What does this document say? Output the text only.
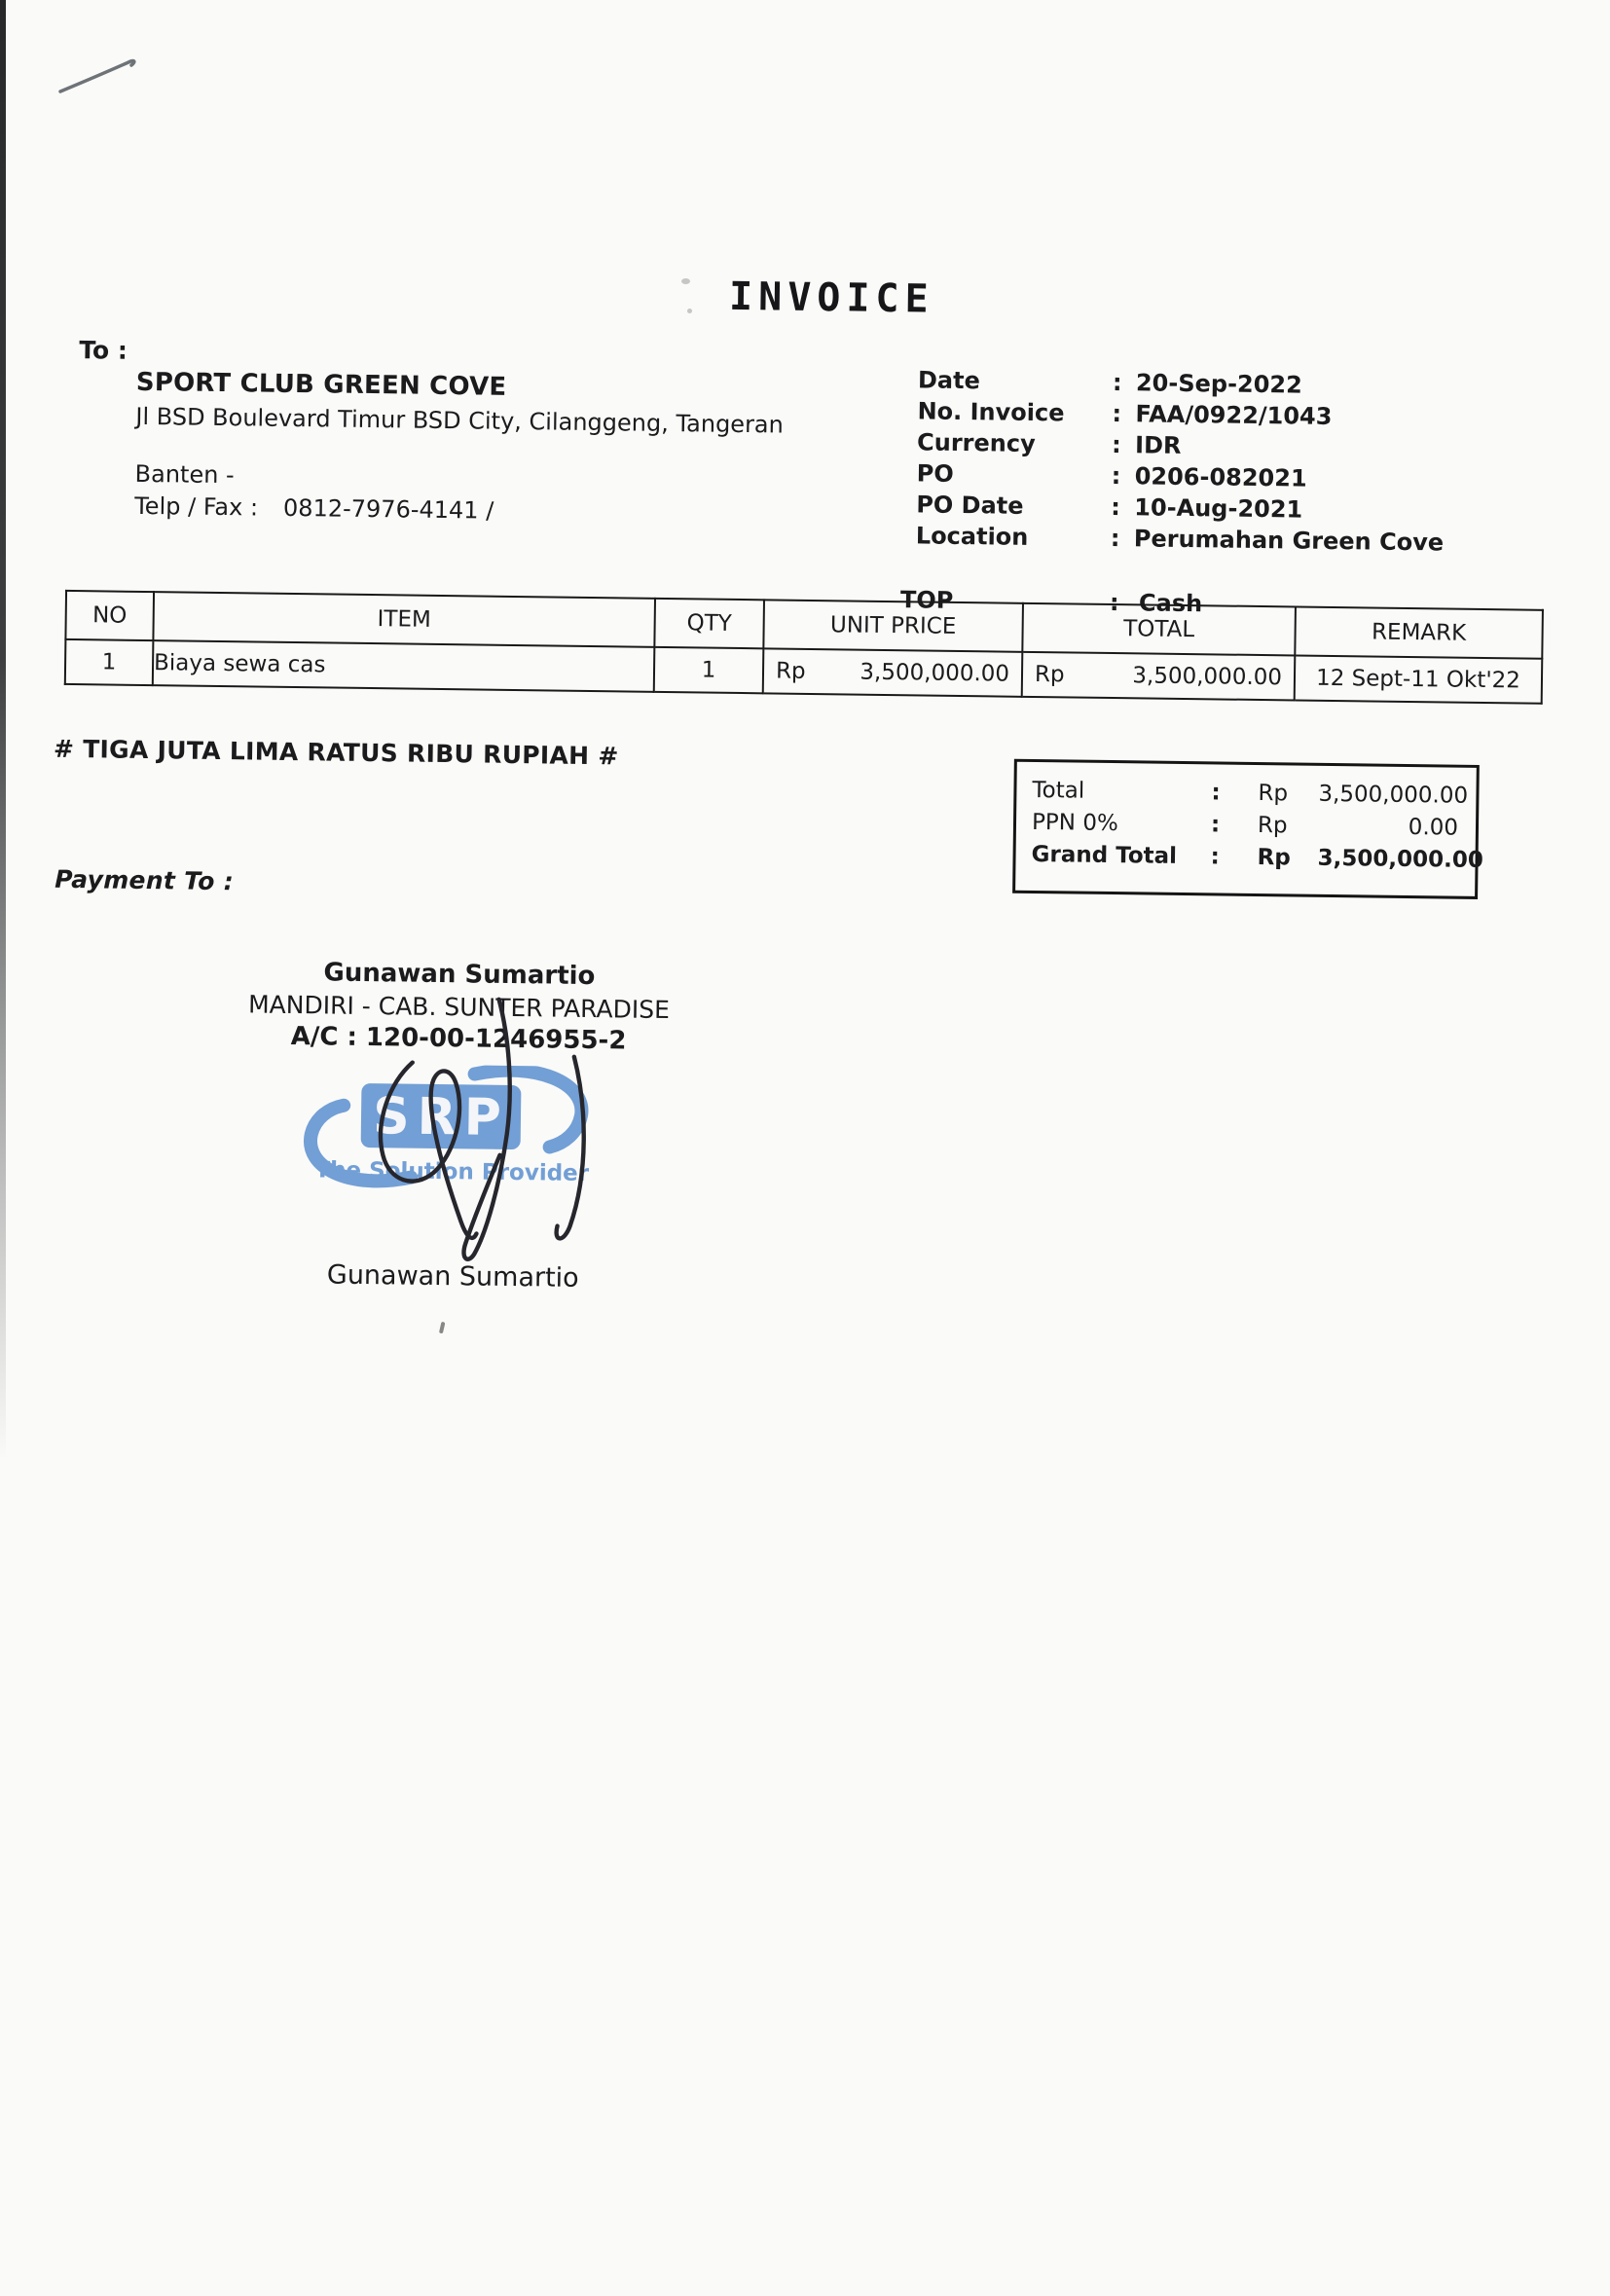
INVOICE
To :
SPORT CLUB GREEN COVE
Jl BSD Boulevard Timur BSD City, Cilanggeng, Tangeran
Banten -
Telp / Fax : 0812-7976-4141 /
Date	: 20-Sep-2022
No. Invoice	: FAA/0922/1043
Currency	: IDR
PO	: 0206-082021
PO Date	: 10-Aug-2021
Location	: Perumahan Green Cove
TOP	: Cash
NO	ITEM	QTY	UNIT PRICE	TOTAL	REMARK
1	Biaya sewa cas	1	Rp 3,500,000.00	Rp 3,500,000.00	12 Sept-11 Okt'22
# TIGA JUTA LIMA RATUS RIBU RUPIAH #
Total	:	Rp	3,500,000.00
PPN 0%	:	Rp	0.00
Grand Total	:	Rp	3,500,000.00
Payment To :
Gunawan Sumartio
MANDIRI - CAB. SUNTER PARADISE
A/C : 120-00-1246955-2
SRP
The Solution Provider
Gunawan Sumartio
